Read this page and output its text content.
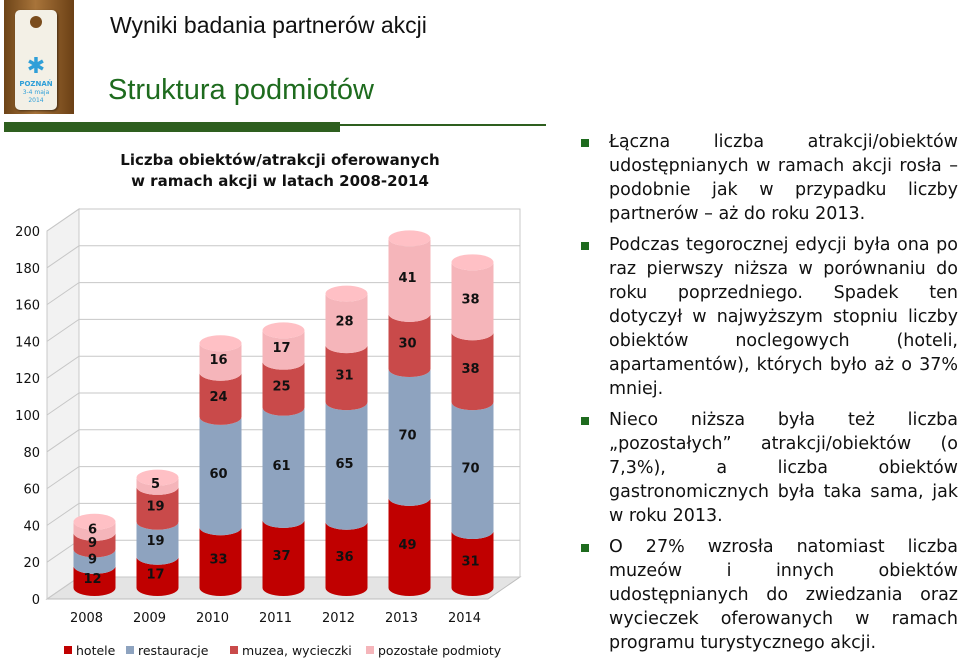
✱
POZNAŃ
3-4 maja
2014
Wyniki badania partnerów akcji
Struktura podmiotów
Liczba obiektów/atrakcji oferowanych
w ramach akcji w latach 2008-2014
0
20
40
60
80
100
120
140
160
180
200
12
9
9
6
2008
17
19
19
5
2009
33
60
24
16
2010
37
61
25
17
2011
36
65
31
28
2012
49
70
30
41
2013
31
70
38
38
2014
hotele restauracje	muzea, wycieczki pozostałe podmioty
Łączna liczba atrakcji/obiektów udostępnianych w ramach akcji rosła – podobnie jak w przypadku liczby partnerów – aż do roku 2013.
Podczas tegorocznej edycji była ona po raz pierwszy niższa w porównaniu do roku poprzedniego. Spadek ten dotyczył w najwyższym stopniu liczby obiektów noclegowych (hoteli, apartamentów), których było aż o 37% mniej.
Nieco niższa była też liczba „pozostałych” atrakcji/obiektów (o 7,3%), a liczba obiektów gastronomicznych była taka sama, jak w roku 2013.
O 27% wzrosła natomiast liczba muzeów i innych obiektów udostępnianych do zwiedzania oraz wycieczek oferowanych w ramach programu turystycznego akcji.
